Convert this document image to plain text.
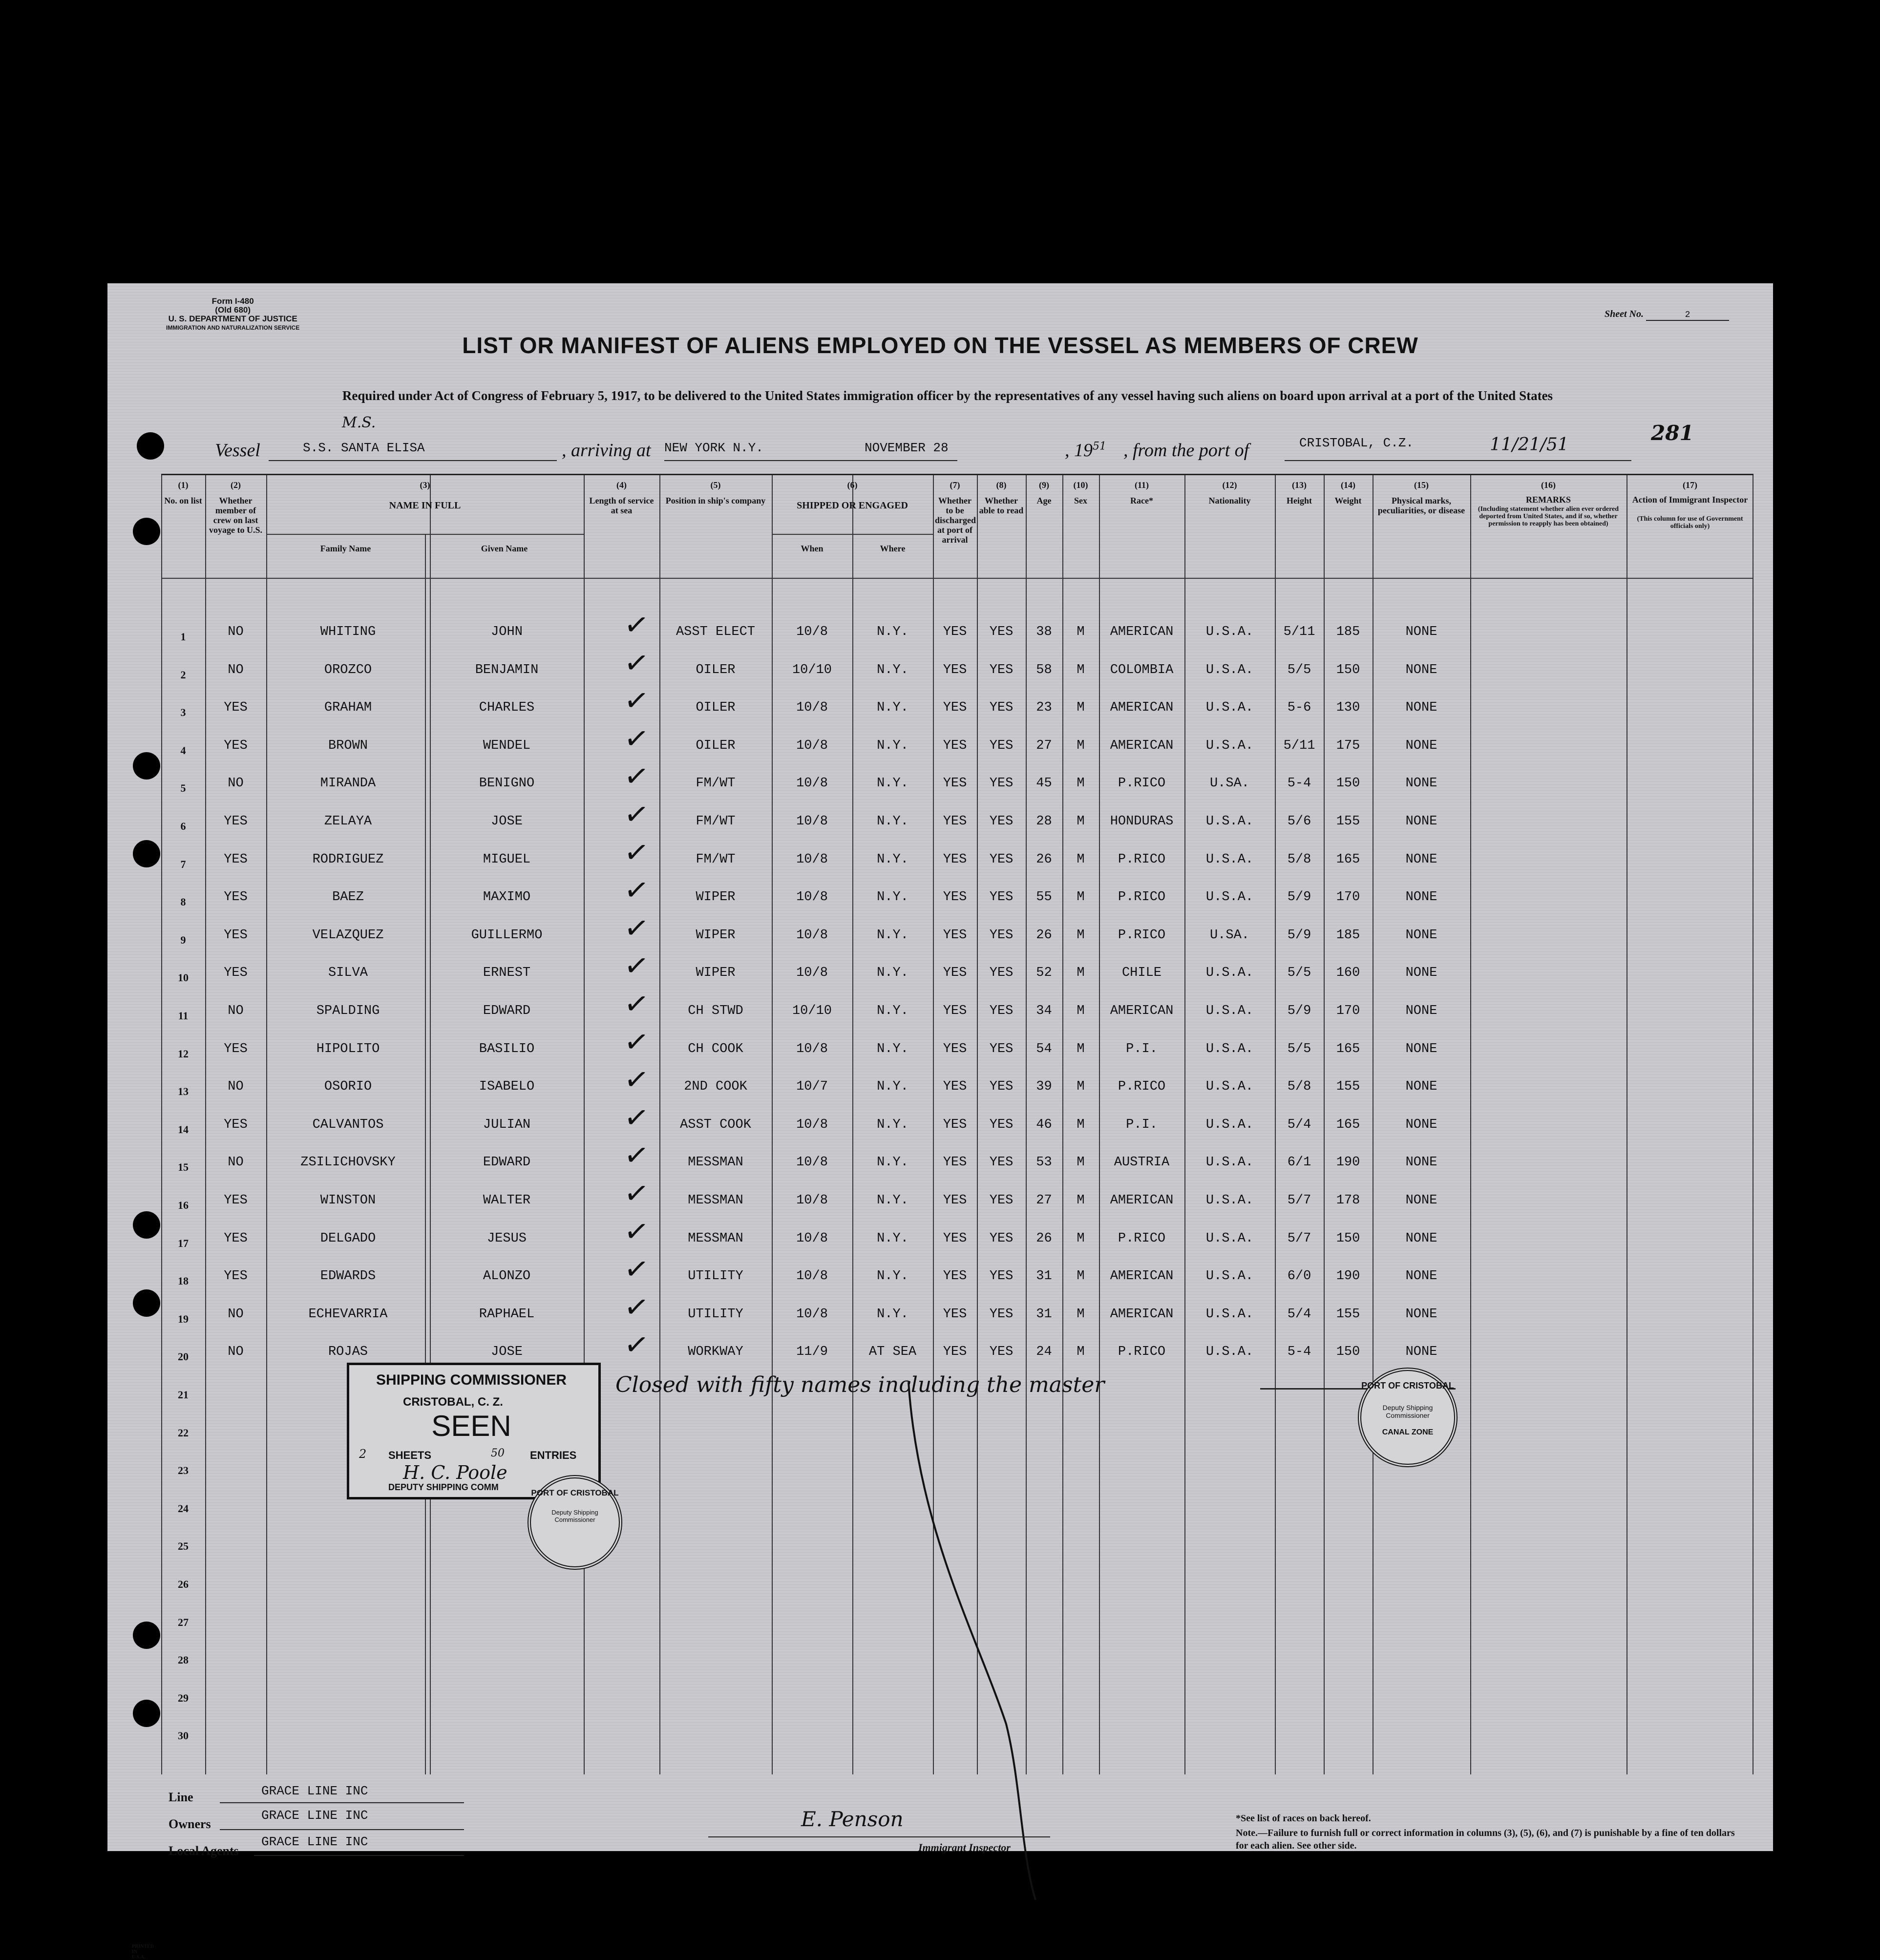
Form I-480
(Old 680)
U. S. DEPARTMENT OF JUSTICE
IMMIGRATION AND NATURALIZATION SERVICE
Sheet No.	2
LIST OR MANIFEST OF ALIENS EMPLOYED ON THE VESSEL AS MEMBERS OF CREW
Required under Act of Congress of February 5, 1917, to be delivered to the United States immigration officer by the representatives of any vessel having such aliens on board upon arrival at a port of the United States
Vessel
M.S.
S.S. SANTA ELISA	, arriving at NEW YORK N.Y.	NOVEMBER 28	, $19^{51}$ , from the port of	CRISTOBAL, C.Z.	11/21/51	281
(1)
No. on list
(2)
Whether member of crew on last voyage to U.S.
(3)
NAME IN FULL
Family Name	Given Name
(4)
Length of service at sea
(5)
Position in ship's company
(6)
SHIPPED OR ENGAGED
When	Where
(7)
Whether to be discharged at port of arrival
(8)
Whether able to read
(9)
Age
(10)
Sex
(11)
Race*
(12)
Nationality
(13)
Height
(14)
Weight
(15)
Physical marks, peculiarities, or disease
(16)
REMARKS
(Including statement whether alien ever ordered deported from United States, and if so, whether permission to reapply has been obtained)
(17)
Action of Immigrant Inspector
(This column for use of Government officials only)
1	NO	WHITING	JOHN	ASST ELECT	10/8	N.Y.	YES	YES	38	M	AMERICAN	U.S.A.	5/11	185	NONE
✓
2	NO	OROZCO	BENJAMIN	OILER	10/10	N.Y.	YES	YES	58	M	COLOMBIA	U.S.A.	5/5	150	NONE
✓
3	YES	GRAHAM	CHARLES	OILER	10/8	N.Y.	YES	YES	23	M	AMERICAN	U.S.A.	5-6	130	NONE
✓
4	YES	BROWN	WENDEL	OILER	10/8	N.Y.	YES	YES	27	M	AMERICAN	U.S.A.	5/11	175	NONE
✓
5	NO	MIRANDA	BENIGNO	FM/WT	10/8	N.Y.	YES	YES	45	M	P.RICO	U.SA.	5-4	150	NONE
✓
6	YES	ZELAYA	JOSE	FM/WT	10/8	N.Y.	YES	YES	28	M	HONDURAS	U.S.A.	5/6	155	NONE
✓
7	YES	RODRIGUEZ	MIGUEL	FM/WT	10/8	N.Y.	YES	YES	26	M	P.RICO	U.S.A.	5/8	165	NONE
✓
8	YES	BAEZ	MAXIMO	WIPER	10/8	N.Y.	YES	YES	55	M	P.RICO	U.S.A.	5/9	170	NONE
✓
9	YES	VELAZQUEZ	GUILLERMO	WIPER	10/8	N.Y.	YES	YES	26	M	P.RICO	U.SA.	5/9	185	NONE
✓
10	YES	SILVA	ERNEST	WIPER	10/8	N.Y.	YES	YES	52	M	CHILE	U.S.A.	5/5	160	NONE
✓
11	NO	SPALDING	EDWARD	CH STWD	10/10	N.Y.	YES	YES	34	M	AMERICAN	U.S.A.	5/9	170	NONE
✓
12	YES	HIPOLITO	BASILIO	CH COOK	10/8	N.Y.	YES	YES	54	M	P.I.	U.S.A.	5/5	165	NONE
✓
13	NO	OSORIO	ISABELO	2ND COOK	10/7	N.Y.	YES	YES	39	M	P.RICO	U.S.A.	5/8	155	NONE
✓
14	YES	CALVANTOS	JULIAN	ASST COOK	10/8	N.Y.	YES	YES	46	M	P.I.	U.S.A.	5/4	165	NONE
✓
15	NO	ZSILICHOVSKY	EDWARD	MESSMAN	10/8	N.Y.	YES	YES	53	M	AUSTRIA	U.S.A.	6/1	190	NONE
✓
16	YES	WINSTON	WALTER	MESSMAN	10/8	N.Y.	YES	YES	27	M	AMERICAN	U.S.A.	5/7	178	NONE
✓
17	YES	DELGADO	JESUS	MESSMAN	10/8	N.Y.	YES	YES	26	M	P.RICO	U.S.A.	5/7	150	NONE
✓
18	YES	EDWARDS	ALONZO	UTILITY	10/8	N.Y.	YES	YES	31	M	AMERICAN	U.S.A.	6/0	190	NONE
✓
19	NO	ECHEVARRIA	RAPHAEL	UTILITY	10/8	N.Y.	YES	YES	31	M	AMERICAN	U.S.A.	5/4	155	NONE
✓
20	NO	ROJAS	JOSE	WORKWAY	11/9	AT SEA	YES	YES	24	M	P.RICO	U.S.A.	5-4	150	NONE
✓
21
22
23
24
25
26
27
28
29
30
Closed with fifty names including the master
SHIPPING COMMISSIONER
CRISTOBAL, C. Z.
SEEN
2 SHEETS	50 ENTRIES
H. C. Poole
DEPUTY SHIPPING COMM
PORT OF CRISTOBAL
Deputy Shipping Commissioner
CANAL ZONE
PORT OF CRISTOBAL
Deputy Shipping Commissioner
Line	GRACE LINE INC
Owners
GRACE LINE INC
Local Agents
GRACE LINE INC
E. Penson
Immigrant Inspector
*See list of races on back hereof.
Note.—Failure to furnish full or correct information in columns (3), (5), (6), and (7) is punishable by a fine of ten dollars for each alien. See other side.
PRINTED IN U.S.A.
